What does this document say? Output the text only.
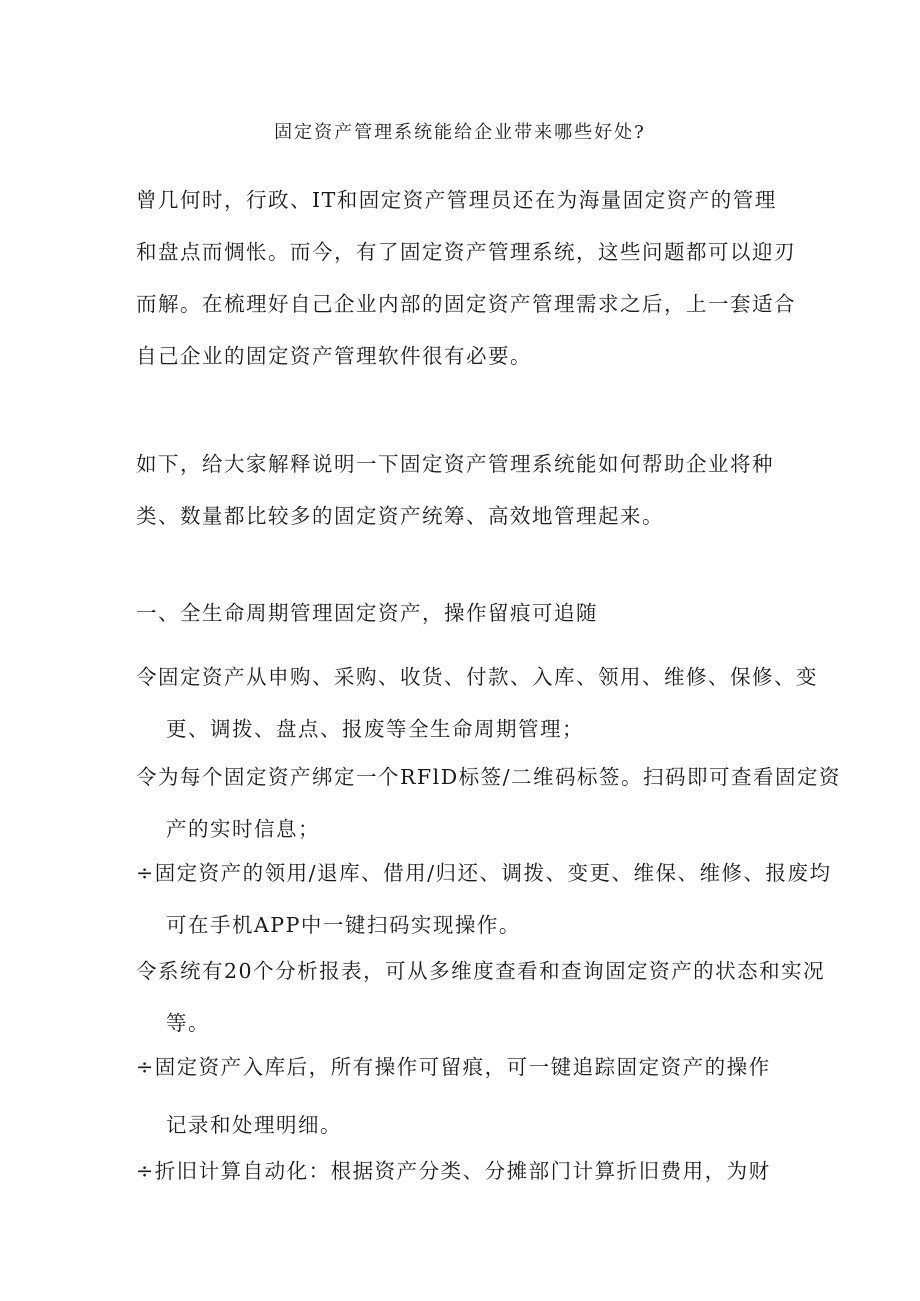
固定资产管理系统能给企业带来哪些好处?

曾几何时，行政、IT和固定资产管理员还在为海量固定资产的管理和盘点而惆怅。而今，有了固定资产管理系统，这些问题都可以迎刃而解。在梳理好自己企业内部的固定资产管理需求之后，上一套适合自己企业的固定资产管理软件很有必要。

如下，给大家解释说明一下固定资产管理系统能如何帮助企业将种类、数量都比较多的固定资产统筹、高效地管理起来。

一、全生命周期管理固定资产，操作留痕可追随
令固定资产从申购、采购、收货、付款、入库、领用、维修、保修、变
更、调拨、盘点、报废等全生命周期管理；
令为每个固定资产绑定一个RFlD标签/二维码标签。扫码即可查看固定资
产的实时信息；
÷固定资产的领用/退库、借用/归还、调拨、变更、维保、维修、报废均
可在手机APP中一键扫码实现操作。
令系统有20个分析报表，可从多维度查看和查询固定资产的状态和实况
等。
÷固定资产入库后，所有操作可留痕，可一键追踪固定资产的操作
记录和处理明细。
÷折旧计算自动化：根据资产分类、分摊部门计算折旧费用，为财
